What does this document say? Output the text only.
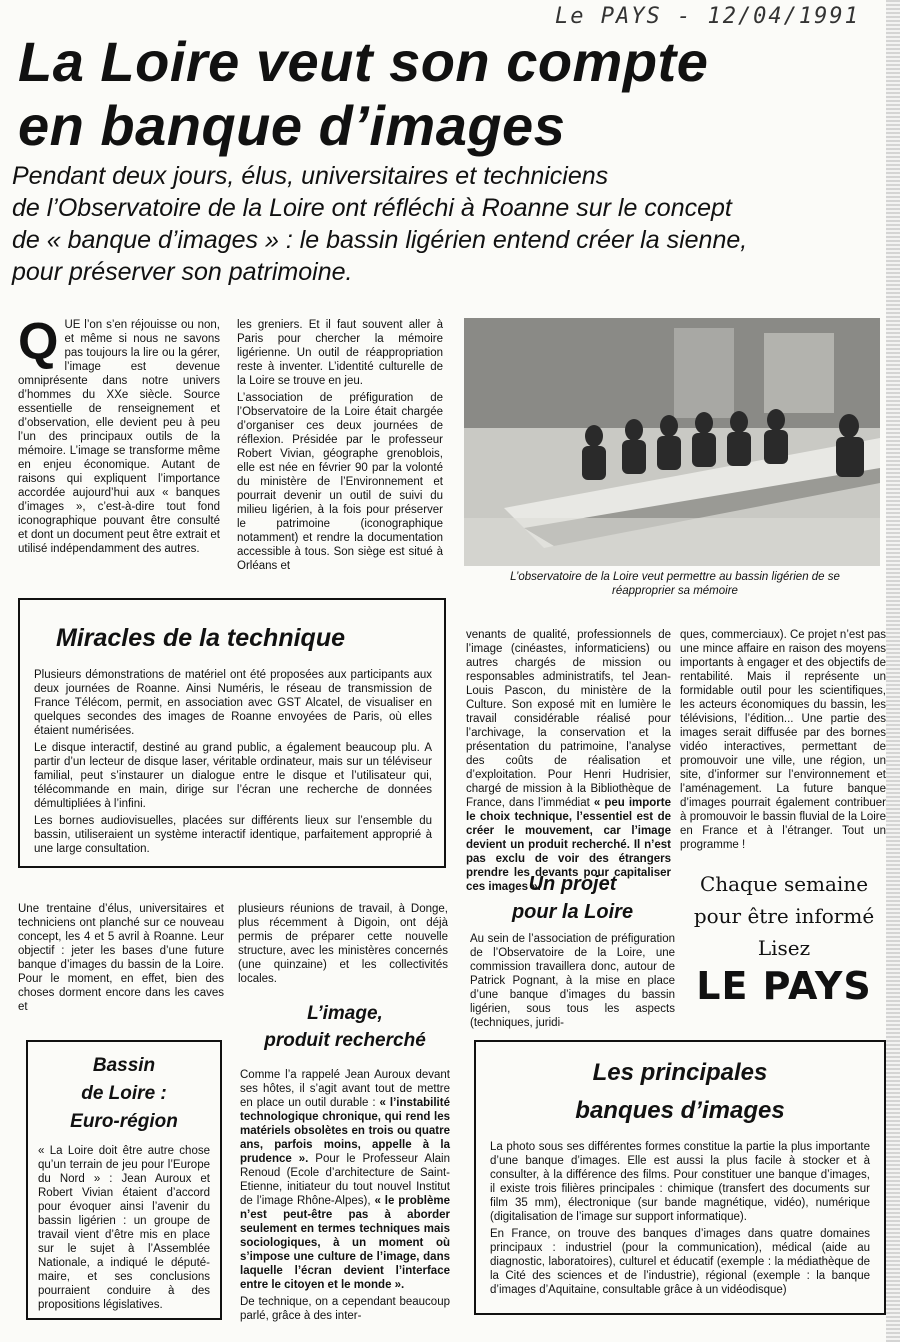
Le PAYS - 12/04/1991
La Loire veut son compte
en banque d’images

Pendant deux jours, élus, universitaires et techniciens

de l’Observatoire de la Loire ont réfléchi à Roanne sur le concept

de « banque d’images » : le bassin ligérien entend créer la sienne,

pour préserver son patrimoine.

Q UE l’on s’en réjouisse ou non, et même si nous ne savons pas toujours la lire ou la gérer, l’image est devenue omniprésente dans notre univers d’hommes du XXe siècle. Source essentielle de renseignement et d’observation, elle devient peu à peu l’un des principaux outils de la mémoire. L’image se transforme même en enjeu économique. Autant de raisons qui expliquent l’importance accordée aujourd’hui aux « banques d’images », c’est-à-dire tout fond iconographique pouvant être consulté et dont un document peut être extrait et utilisé indépendamment des autres.

les greniers. Et il faut souvent aller à Paris pour chercher la mémoire ligérienne. Un outil de réappropriation reste à inventer. L’identité culturelle de la Loire se trouve en jeu.

L’association de préfiguration de l’Observatoire de la Loire était chargée d’organiser ces deux journées de réflexion. Présidée par le professeur Robert Vivian, géographe grenoblois, elle est née en février 90 par la volonté du ministère de l’Environnement et pourrait devenir un outil de suivi du milieu ligérien, à la fois pour préserver le patrimoine (iconographique notamment) et rendre la documentation accessible à tous. Son siège est situé à Orléans et

L’observatoire de la Loire veut permettre au bassin ligérien de se réapproprier sa mémoire

Miracles de la technique

Plusieurs démonstrations de matériel ont été proposées aux participants aux deux journées de Roanne. Ainsi Numéris, le réseau de transmission de France Télécom, permit, en association avec GST Alcatel, de visualiser en quelques secondes des images de Roanne envoyées de Paris, où elles étaient numérisées.

Le disque interactif, destiné au grand public, a également beaucoup plu. A partir d’un lecteur de disque laser, véritable ordinateur, mais sur un téléviseur familial, peut s’instaurer un dialogue entre le disque et l’utilisateur qui, télécommande en main, dirige sur l’écran une recherche de données démultipliées à l’infini.

Les bornes audiovisuelles, placées sur différents lieux sur l’ensemble du bassin, utiliseraient un système interactif identique, parfaitement approprié à une large consultation.

venants de qualité, professionnels de l’image (cinéastes, informaticiens) ou autres chargés de mission ou responsables administratifs, tel Jean-Louis Pascon, du ministère de la Culture. Son exposé mit en lumière le travail considérable réalisé pour l’archivage, la conservation et la présentation du patrimoine, l’analyse des coûts de réalisation et d’exploitation. Pour Henri Hudrisier, chargé de mission à la Bibliothèque de France, dans l’immédiat « peu importe le choix technique, l’essentiel est de créer le mouvement, car l’image devient un produit recherché. Il n’est pas exclu de voir des étrangers prendre les devants pour capitaliser ces images ».
ques, commerciaux). Ce projet n’est pas une mince affaire en raison des moyens importants à engager et des objectifs de rentabilité. Mais il représente un formidable outil pour les scientifiques, les acteurs économiques du bassin, les télévisions, l’édition... Une partie des images serait diffusée par des bornes vidéo interactives, permettant de promouvoir une ville, une région, un site, d’informer sur l’environnement et l’aménagement. La future banque d’images pourrait également contribuer à promouvoir le bassin fluvial de la Loire en France et à l’étranger. Tout un programme !
Une trentaine d’élus, universitaires et techniciens ont planché sur ce nouveau concept, les 4 et 5 avril à Roanne. Leur objectif : jeter les bases d’une future banque d’images du bassin de la Loire. Pour le moment, en effet, bien des choses dorment encore dans les caves et
plusieurs réunions de travail, à Donge, plus récemment à Digoin, ont déjà permis de préparer cette nouvelle structure, avec les ministères concernés (une quinzaine) et les collectivités locales.
Un projet
pour la Loire
Au sein de l’association de préfiguration de l’Observatoire de la Loire, une commission travaillera donc, autour de Patrick Pognant, à la mise en place d’une banque d’images du bassin ligérien, sous tous les aspects (techniques, juridi-

Chaque semaine

pour être informé

Lisez

LE PAYS

L’image,
produit recherché

Comme l’a rappelé Jean Auroux devant ses hôtes, il s’agit avant tout de mettre en place un outil durable : « l’instabilité technologique chronique, qui rend les matériels obsolètes en trois ou quatre ans, parfois moins, appelle à la prudence ». Pour le Professeur Alain Renoud (Ecole d’architecture de Saint-Etienne, initiateur du tout nouvel Institut de l’image Rhône-Alpes), « le problème n’est peut-être pas à aborder seulement en termes techniques mais sociologiques, à un moment où s’impose une culture de l’image, dans laquelle l’écran devient l’interface entre le citoyen et le monde ».

De technique, on a cependant beaucoup parlé, grâce à des inter-

Bassin
de Loire :
Euro-région
« La Loire doit être autre chose qu’un terrain de jeu pour l’Europe du Nord » : Jean Auroux et Robert Vivian étaient d’accord pour évoquer ainsi l’avenir du bassin ligérien : un groupe de travail vient d’être mis en place sur le sujet à l’Assemblée Nationale, a indiqué le député-maire, et ses conclusions pourraient conduire à des propositions législatives.
Les principales
banques d’images

La photo sous ses différentes formes constitue la partie la plus importante d’une banque d’images. Elle est aussi la plus facile à stocker et à consulter, à la différence des films. Pour constituer une banque d’images, il existe trois filières principales : chimique (transfert des documents sur film 35 mm), électronique (sur bande magnétique, vidéo), numérique (digitalisation de l’image sur support informatique).

En France, on trouve des banques d’images dans quatre domaines principaux : industriel (pour la communication), médical (aide au diagnostic, laboratoires), culturel et éducatif (exemple : la médiathèque de la Cité des sciences et de l’industrie), régional (exemple : la banque d’images d’Aquitaine, consultable grâce à un vidéodisque)
